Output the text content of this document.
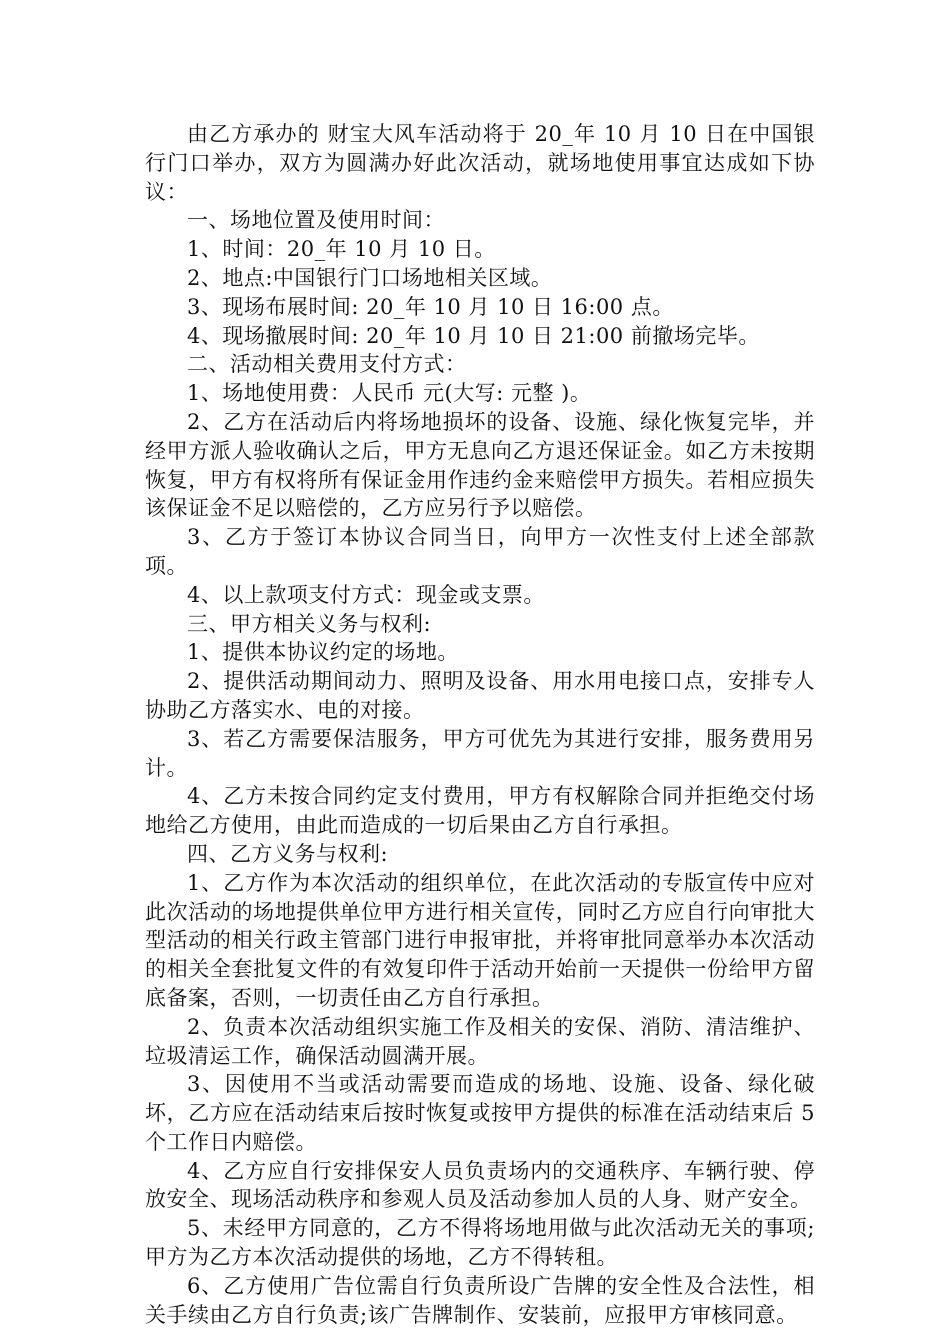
由乙方承办的 财宝大风车活动将于 20_年 10 月 10 日在中国银行门口举办，双方为圆满办好此次活动，就场地使用事宜达成如下协议：

一、场地位置及使用时间：

1、时间：20_年 10 月 10 日。

2、地点:中国银行门口场地相关区域。

3、现场布展时间: 20_年 10 月 10 日 16:00 点。

4、现场撤展时间: 20_年 10 月 10 日 21:00 前撤场完毕。

二、活动相关费用支付方式：

1、场地使用费：人民币 元(大写: 元整 )。

2、乙方在活动后内将场地损坏的设备、设施、绿化恢复完毕，并经甲方派人验收确认之后，甲方无息向乙方退还保证金。如乙方未按期恢复，甲方有权将所有保证金用作违约金来赔偿甲方损失。若相应损失该保证金不足以赔偿的，乙方应另行予以赔偿。

3、乙方于签订本协议合同当日，向甲方一次性支付上述全部款项。

4、以上款项支付方式：现金或支票。

三、甲方相关义务与权利:

1、提供本协议约定的场地。

2、提供活动期间动力、照明及设备、用水用电接口点，安排专人协助乙方落实水、电的对接。

3、若乙方需要保洁服务，甲方可优先为其进行安排，服务费用另计。

4、乙方未按合同约定支付费用，甲方有权解除合同并拒绝交付场地给乙方使用，由此而造成的一切后果由乙方自行承担。

四、乙方义务与权利:

1、乙方作为本次活动的组织单位，在此次活动的专版宣传中应对此次活动的场地提供单位甲方进行相关宣传，同时乙方应自行向审批大型活动的相关行政主管部门进行申报审批，并将审批同意举办本次活动的相关全套批复文件的有效复印件于活动开始前一天提供一份给甲方留底备案，否则，一切责任由乙方自行承担。

2、负责本次活动组织实施工作及相关的安保、消防、清洁维护、垃圾清运工作，确保活动圆满开展。

3、因使用不当或活动需要而造成的场地、设施、设备、绿化破坏，乙方应在活动结束后按时恢复或按甲方提供的标准在活动结束后 5 个工作日内赔偿。

4、乙方应自行安排保安人员负责场内的交通秩序、车辆行驶、停放安全、现场活动秩序和参观人员及活动参加人员的人身、财产安全。

5、未经甲方同意的，乙方不得将场地用做与此次活动无关的事项;甲方为乙方本次活动提供的场地，乙方不得转租。

6、乙方使用广告位需自行负责所设广告牌的安全性及合法性，相关手续由乙方自行负责;该广告牌制作、安装前，应报甲方审核同意。
